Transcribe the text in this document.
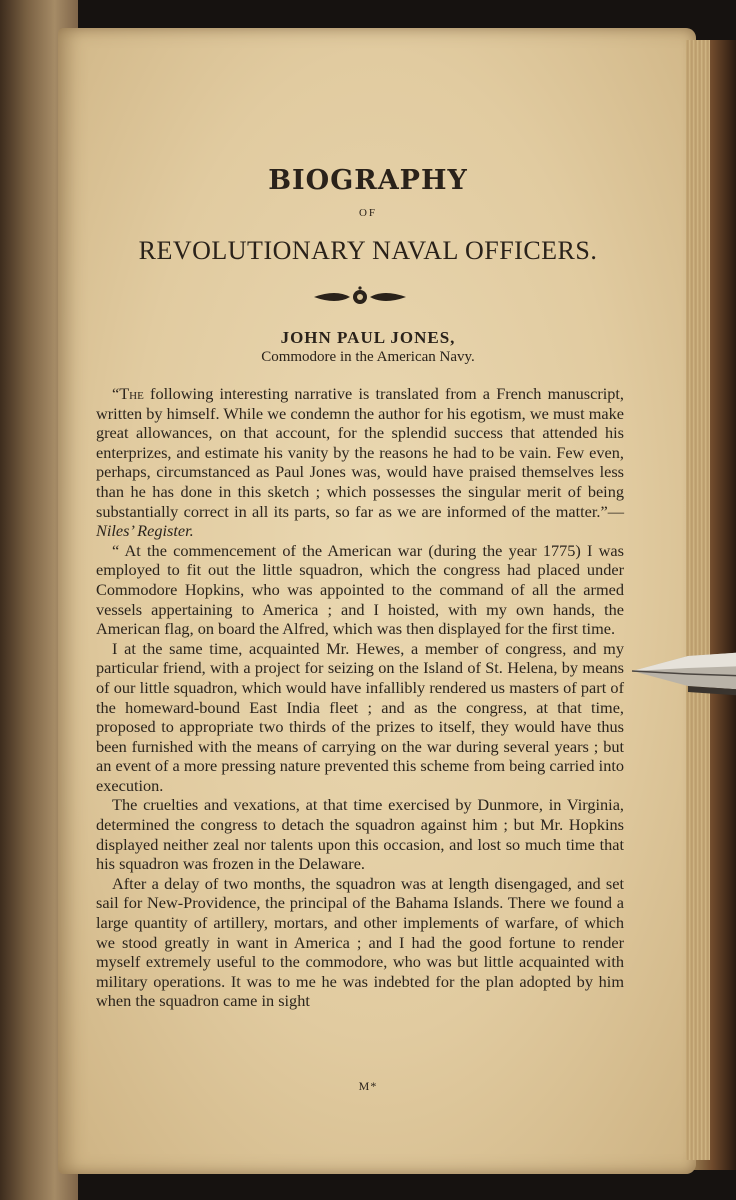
BIOGRAPHY
OF
REVOLUTIONARY NAVAL OFFICERS.
JOHN PAUL JONES,
Commodore in the American Navy.

“The following interesting narrative is translated from a French manuscript, written by himself. While we condemn the author for his egotism, we must make great allowances, on that account, for the splendid success that attended his enterprizes, and estimate his vanity by the reasons he had to be vain. Few even, perhaps, circumstanced as Paul Jones was, would have praised themselves less than he has done in this sketch ; which possesses the singular merit of being substantially correct in all its parts, so far as we are informed of the matter.”—Niles’ Register.

“ At the commencement of the American war (during the year 1775) I was employed to fit out the little squadron, which the congress had placed under Commodore Hopkins, who was appointed to the command of all the armed vessels appertaining to America ; and I hoisted, with my own hands, the American flag, on board the Alfred, which was then displayed for the first time.

I at the same time, acquainted Mr. Hewes, a member of congress, and my particular friend, with a project for seizing on the Island of St. Helena, by means of our little squadron, which would have infallibly rendered us masters of part of the homeward-bound East India fleet ; and as the congress, at that time, proposed to appropriate two thirds of the prizes to itself, they would have thus been furnished with the means of carrying on the war during several years ; but an event of a more pressing nature prevented this scheme from being carried into execution.

The cruelties and vexations, at that time exercised by Dunmore, in Virginia, determined the congress to detach the squadron against him ; but Mr. Hopkins displayed neither zeal nor talents upon this occasion, and lost so much time that his squadron was frozen in the Delaware.

After a delay of two months, the squadron was at length disengaged, and set sail for New-Providence, the principal of the Bahama Islands. There we found a large quantity of artillery, mortars, and other implements of warfare, of which we stood greatly in want in America ; and I had the good fortune to render myself extremely useful to the commodore, who was but little acquainted with military operations. It was to me he was indebted for the plan adopted by him when the squadron came in sight

M*
